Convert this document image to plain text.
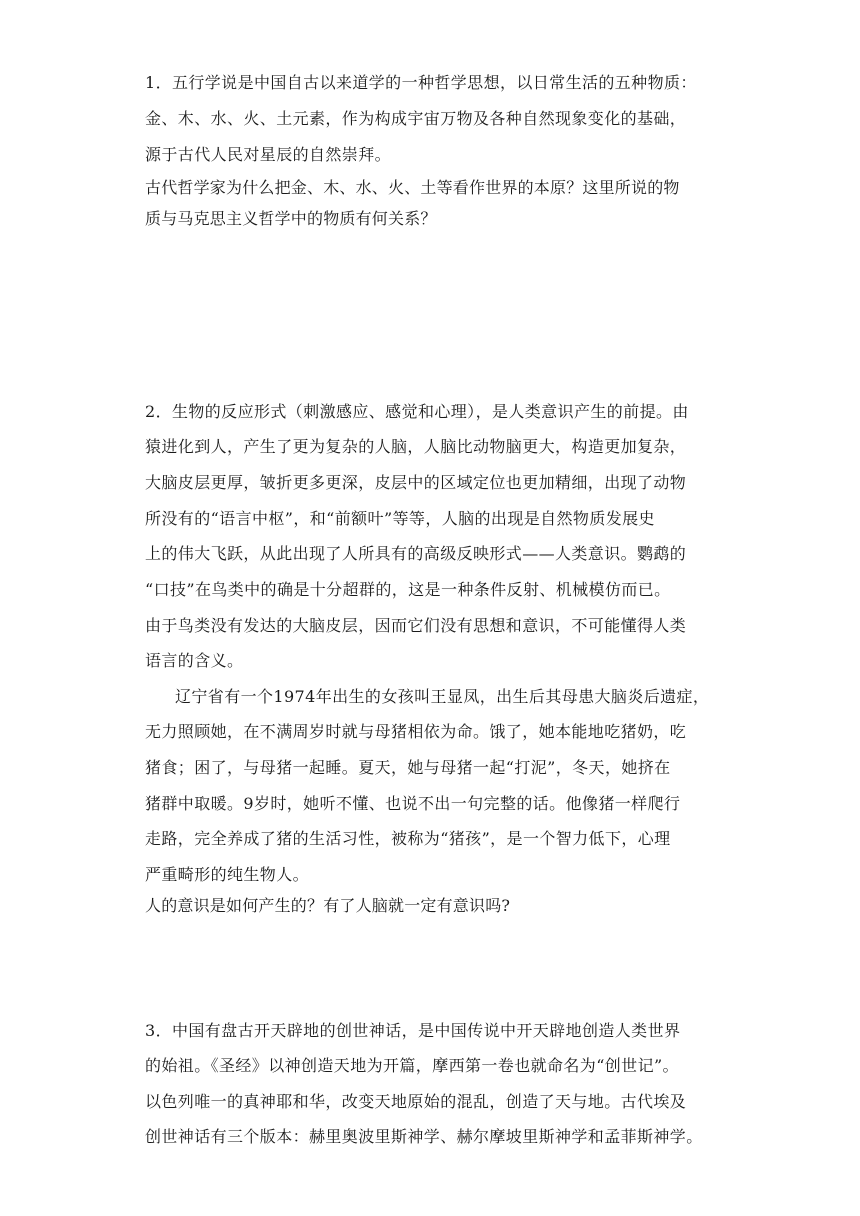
1．五行学说是中国自古以来道学的一种哲学思想，以日常生活的五种物质：
金、木、水、火、土元素，作为构成宇宙万物及各种自然现象变化的基础，
源于古代人民对星辰的自然崇拜。
古代哲学家为什么把金、木、水、火、土等看作世界的本原？这里所说的物
质与马克思主义哲学中的物质有何关系？
2．生物的反应形式（刺激感应、感觉和心理），是人类意识产生的前提。由
猿进化到人，产生了更为复杂的人脑，人脑比动物脑更大，构造更加复杂，
大脑皮层更厚，皱折更多更深，皮层中的区域定位也更加精细，出现了动物
所没有的“语言中枢”，和“前额叶”等等，人脑的出现是自然物质发展史
上的伟大飞跃，从此出现了人所具有的高级反映形式——人类意识。鹦鹉的
“口技”在鸟类中的确是十分超群的，这是一种条件反射、机械模仿而已。
由于鸟类没有发达的大脑皮层，因而它们没有思想和意识，不可能懂得人类
语言的含义。
辽宁省有一个1974年出生的女孩叫王显凤，出生后其母患大脑炎后遗症，
无力照顾她，在不满周岁时就与母猪相依为命。饿了，她本能地吃猪奶，吃
猪食；困了，与母猪一起睡。夏天，她与母猪一起“打泥”，冬天，她挤在
猪群中取暖。9岁时，她听不懂、也说不出一句完整的话。他像猪一样爬行
走路，完全养成了猪的生活习性，被称为“猪孩”，是一个智力低下，心理
严重畸形的纯生物人。
人的意识是如何产生的？有了人脑就一定有意识吗?
3．中国有盘古开天辟地的创世神话，是中国传说中开天辟地创造人类世界
的始祖。《圣经》以神创造天地为开篇，摩西第一卷也就命名为“创世记”。
以色列唯一的真神耶和华，改变天地原始的混乱，创造了天与地。古代埃及
创世神话有三个版本：赫里奥波里斯神学、赫尔摩坡里斯神学和孟菲斯神学。
